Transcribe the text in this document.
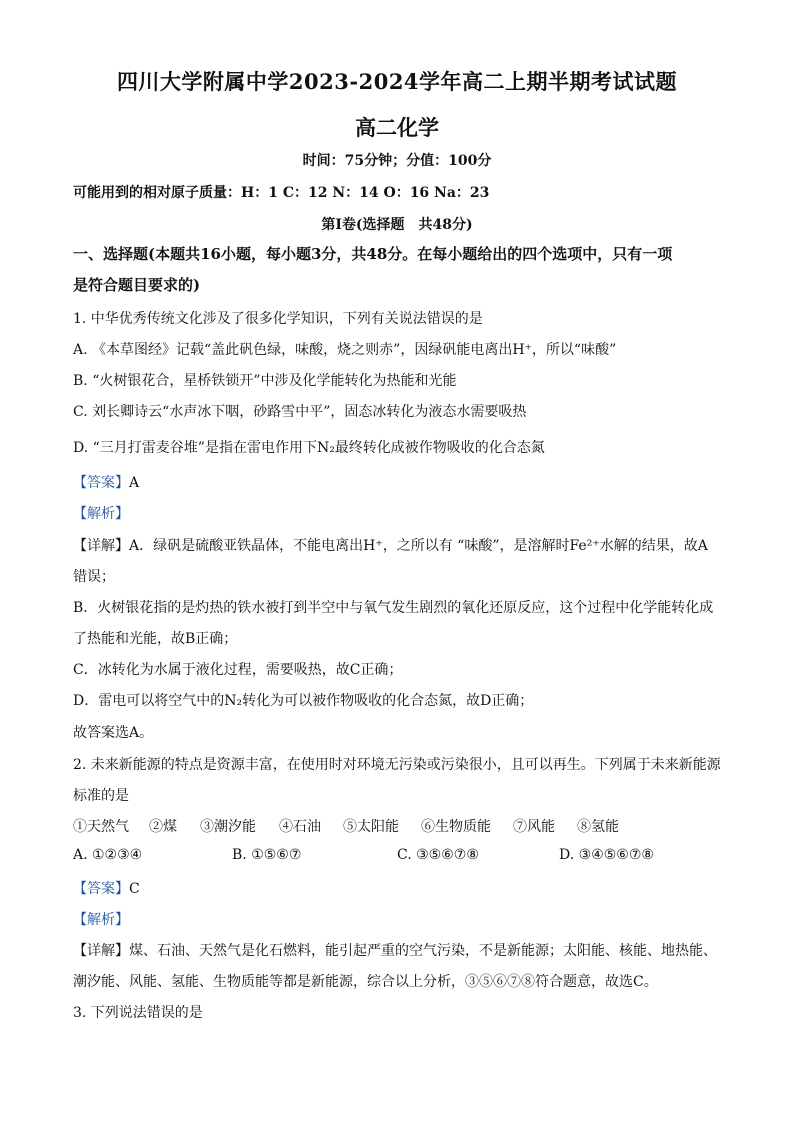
四川大学附属中学2023-2024学年高二上期半期考试试题
高二化学
时间：75分钟；分值：100分
可能用到的相对原子质量：H：1 C：12 N：14 O：16 Na：23
第Ⅰ卷(选择题　共48分)
一、选择题(本题共16小题，每小题3分，共48分。在每小题给出的四个选项中，只有一项
是符合题目要求的)
1. 中华优秀传统文化涉及了很多化学知识，下列有关说法错误的是
A. 《本草图经》记载“盖此矾色绿，味酸，烧之则赤”，因绿矾能电离出H⁺，所以“味酸”
B. “火树银花合，星桥铁锁开”中涉及化学能转化为热能和光能
C. 刘长卿诗云“水声冰下咽，砂路雪中平”，固态冰转化为液态水需要吸热
D. “三月打雷麦谷堆”是指在雷电作用下N₂最终转化成被作物吸收的化合态氮
【答案】A
【解析】
【详解】A．绿矾是硫酸亚铁晶体，不能电离出H⁺，之所以有 “味酸”，是溶解时Fe²⁺水解的结果，故A
错误；
B．火树银花指的是灼热的铁水被打到半空中与氧气发生剧烈的氧化还原反应，这个过程中化学能转化成
了热能和光能，故B正确；
C．冰转化为水属于液化过程，需要吸热，故C正确；
D．雷电可以将空气中的N₂转化为可以被作物吸收的化合态氮，故D正确；
故答案选A。
2. 未来新能源的特点是资源丰富，在使用时对环境无污染或污染很小，且可以再生。下列属于未来新能源
标准的是
①天然气 ②煤 ③潮汐能 ④石油 ⑤太阳能 ⑥生物质能 ⑦风能 ⑧氢能
A. ①②③④	B. ①⑤⑥⑦	C. ③⑤⑥⑦⑧	D. ③④⑤⑥⑦⑧
【答案】C
【解析】
【详解】煤、石油、天然气是化石燃料，能引起严重的空气污染，不是新能源；太阳能、核能、地热能、
潮汐能、风能、氢能、生物质能等都是新能源，综合以上分析，③⑤⑥⑦⑧符合题意，故选C。
3. 下列说法错误的是
